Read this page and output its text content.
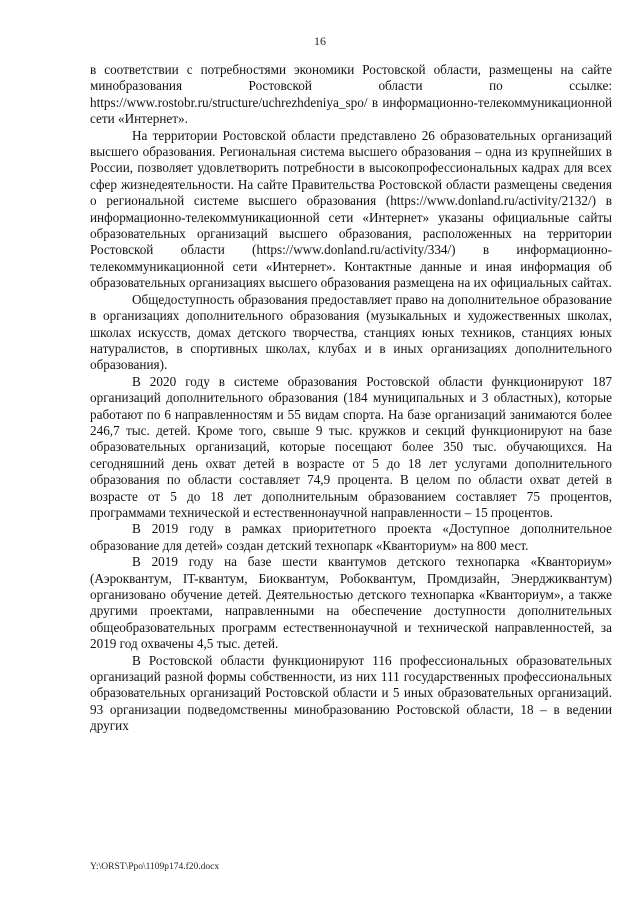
16

в соответствии с потребностями экономики Ростовской области, размещены на сайте минобразования Ростовской области по ссылке: https://www.rostobr.ru/structure/uchrezhdeniya_spo/ в информационно-телекоммуникационной сети «Интернет».

На территории Ростовской области представлено 26 образовательных организаций высшего образования. Региональная система высшего образования – одна из крупнейших в России, позволяет удовлетворить потребности в высокопрофессиональных кадрах для всех сфер жизнедеятельности. На сайте Правительства Ростовской области размещены сведения о региональной системе высшего образования (https://www.donland.ru/activity/2132/) в информационно-телекоммуникационной сети «Интернет» указаны официальные сайты образовательных организаций высшего образования, расположенных на территории Ростовской области (https://www.donland.ru/activity/334/) в информационно-телекоммуникационной сети «Интернет». Контактные данные и иная информация об образовательных организациях высшего образования размещена на их официальных сайтах.

Общедоступность образования предоставляет право на дополнительное образование в организациях дополнительного образования (музыкальных и художественных школах, школах искусств, домах детского творчества, станциях юных техников, станциях юных натуралистов, в спортивных школах, клубах и в иных организациях дополнительного образования).

В 2020 году в системе образования Ростовской области функционируют 187 организаций дополнительного образования (184 муниципальных и 3 областных), которые работают по 6 направленностям и 55 видам спорта. На базе организаций занимаются более 246,7 тыс. детей. Кроме того, свыше 9 тыс. кружков и секций функционируют на базе образовательных организаций, которые посещают более 350 тыс. обучающихся. На сегодняшний день охват детей в возрасте от 5 до 18 лет услугами дополнительного образования по области составляет 74,9 процента. В целом по области охват детей в возрасте от 5 до 18 лет дополнительным образованием составляет 75 процентов, программами технической и естественнонаучной направленности – 15 процентов.

В 2019 году в рамках приоритетного проекта «Доступное дополнительное образование для детей» создан детский технопарк «Кванториум» на 800 мест.

В 2019 году на базе шести квантумов детского технопарка «Кванториум» (Аэроквантум, IT-квантум, Биоквантум, Робоквантум, Промдизайн, Энерджиквантум) организовано обучение детей. Деятельностью детского технопарка «Кванториум», а также другими проектами, направленными на обеспечение доступности дополнительных общеобразовательных программ естественнонаучной и технической направленностей, за 2019 год охвачены 4,5 тыс. детей.

В Ростовской области функционируют 116 профессиональных образовательных организаций разной формы собственности, из них 111 государственных профессиональных образовательных организаций Ростовской области и 5 иных образовательных организаций. 93 организации подведомственны минобразованию Ростовской области, 18 – в ведении других

Y:\ORST\Ppo\1109p174.f20.docx
